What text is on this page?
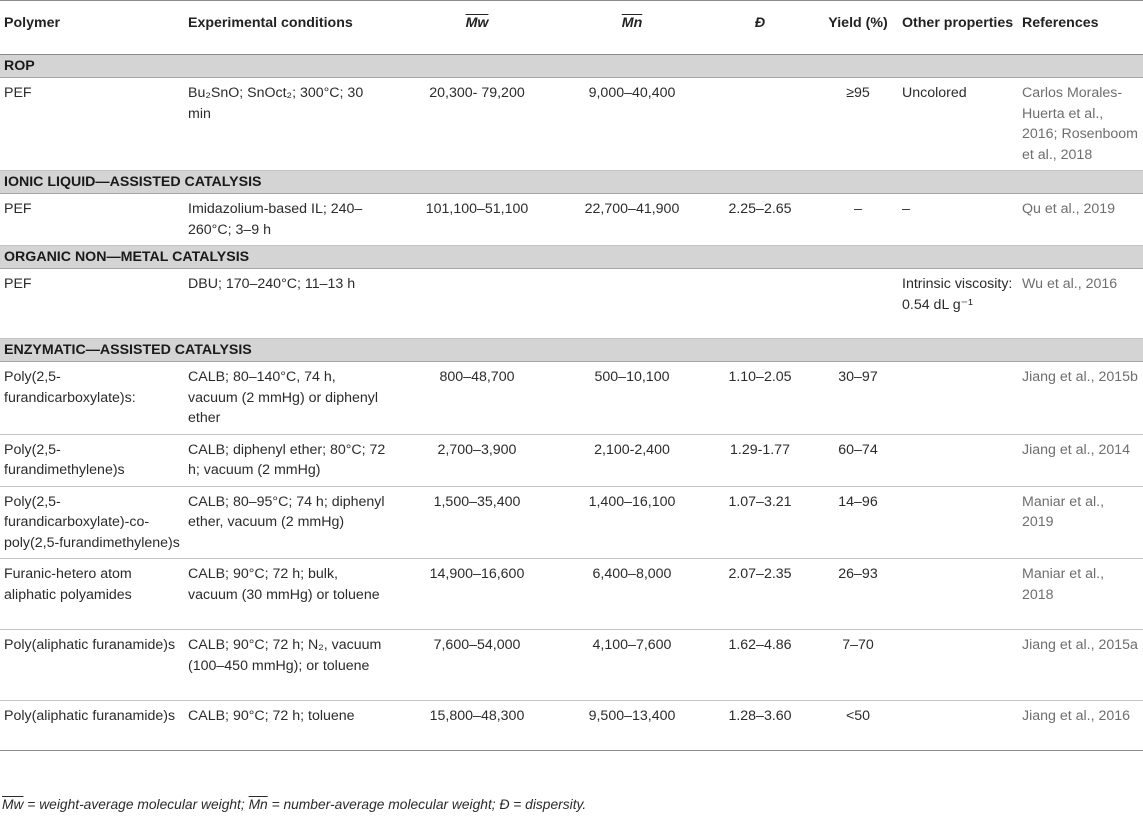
Polymer	Experimental conditions	$\overline{Mw}$	$\overline{Mn}$	Đ	Yield (%)	Other properties	References
ROP							
PEF	Bu₂SnO; SnOct₂; 300°C; 30 min	20,300- 79,200	9,000–40,400		≥95	Uncolored	Carlos Morales-Huerta et al., 2016; Rosenboom et al., 2018
IONIC LIQUID—ASSISTED CATALYSIS							
PEF	Imidazolium-based IL; 240–260°C; 3–9 h	101,100–51,100	22,700–41,900	2.25–2.65	–	–	Qu et al., 2019
ORGANIC NON—METAL CATALYSIS							
PEF	DBU; 170–240°C; 11–13 h					Intrinsic viscosity: 0.54 dL g⁻¹	Wu et al., 2016
ENZYMATIC—ASSISTED CATALYSIS							
Poly(2,5-furandicarboxylate)s:	CALB; 80–140°C, 74 h, vacuum (2 mmHg) or diphenyl ether	800–48,700	500–10,100	1.10–2.05	30–97		Jiang et al., 2015b
Poly(2,5-furandimethylene)s	CALB; diphenyl ether; 80°C; 72 h; vacuum (2 mmHg)	2,700–3,900	2,100-2,400	1.29-1.77	60–74		Jiang et al., 2014
Poly(2,5-furandicarboxylate)-co-poly(2,5-furandimethylene)s	CALB; 80–95°C; 74 h; diphenyl ether, vacuum (2 mmHg)	1,500–35,400	1,400–16,100	1.07–3.21	14–96		Maniar et al., 2019
Furanic-hetero atom aliphatic polyamides	CALB; 90°C; 72 h; bulk, vacuum (30 mmHg) or toluene	14,900–16,600	6,400–8,000	2.07–2.35	26–93		Maniar et al., 2018
Poly(aliphatic furanamide)s	CALB; 90°C; 72 h; N₂, vacuum (100–450 mmHg); or toluene	7,600–54,000	4,100–7,600	1.62–4.86	7–70		Jiang et al., 2015a
Poly(aliphatic furanamide)s	CALB; 90°C; 72 h; toluene	15,800–48,300	9,500–13,400	1.28–3.60	<50		Jiang et al., 2016
$\overline{Mw}$ = weight-average molecular weight; $\overline{Mn}$ = number-average molecular weight; Đ = dispersity.
